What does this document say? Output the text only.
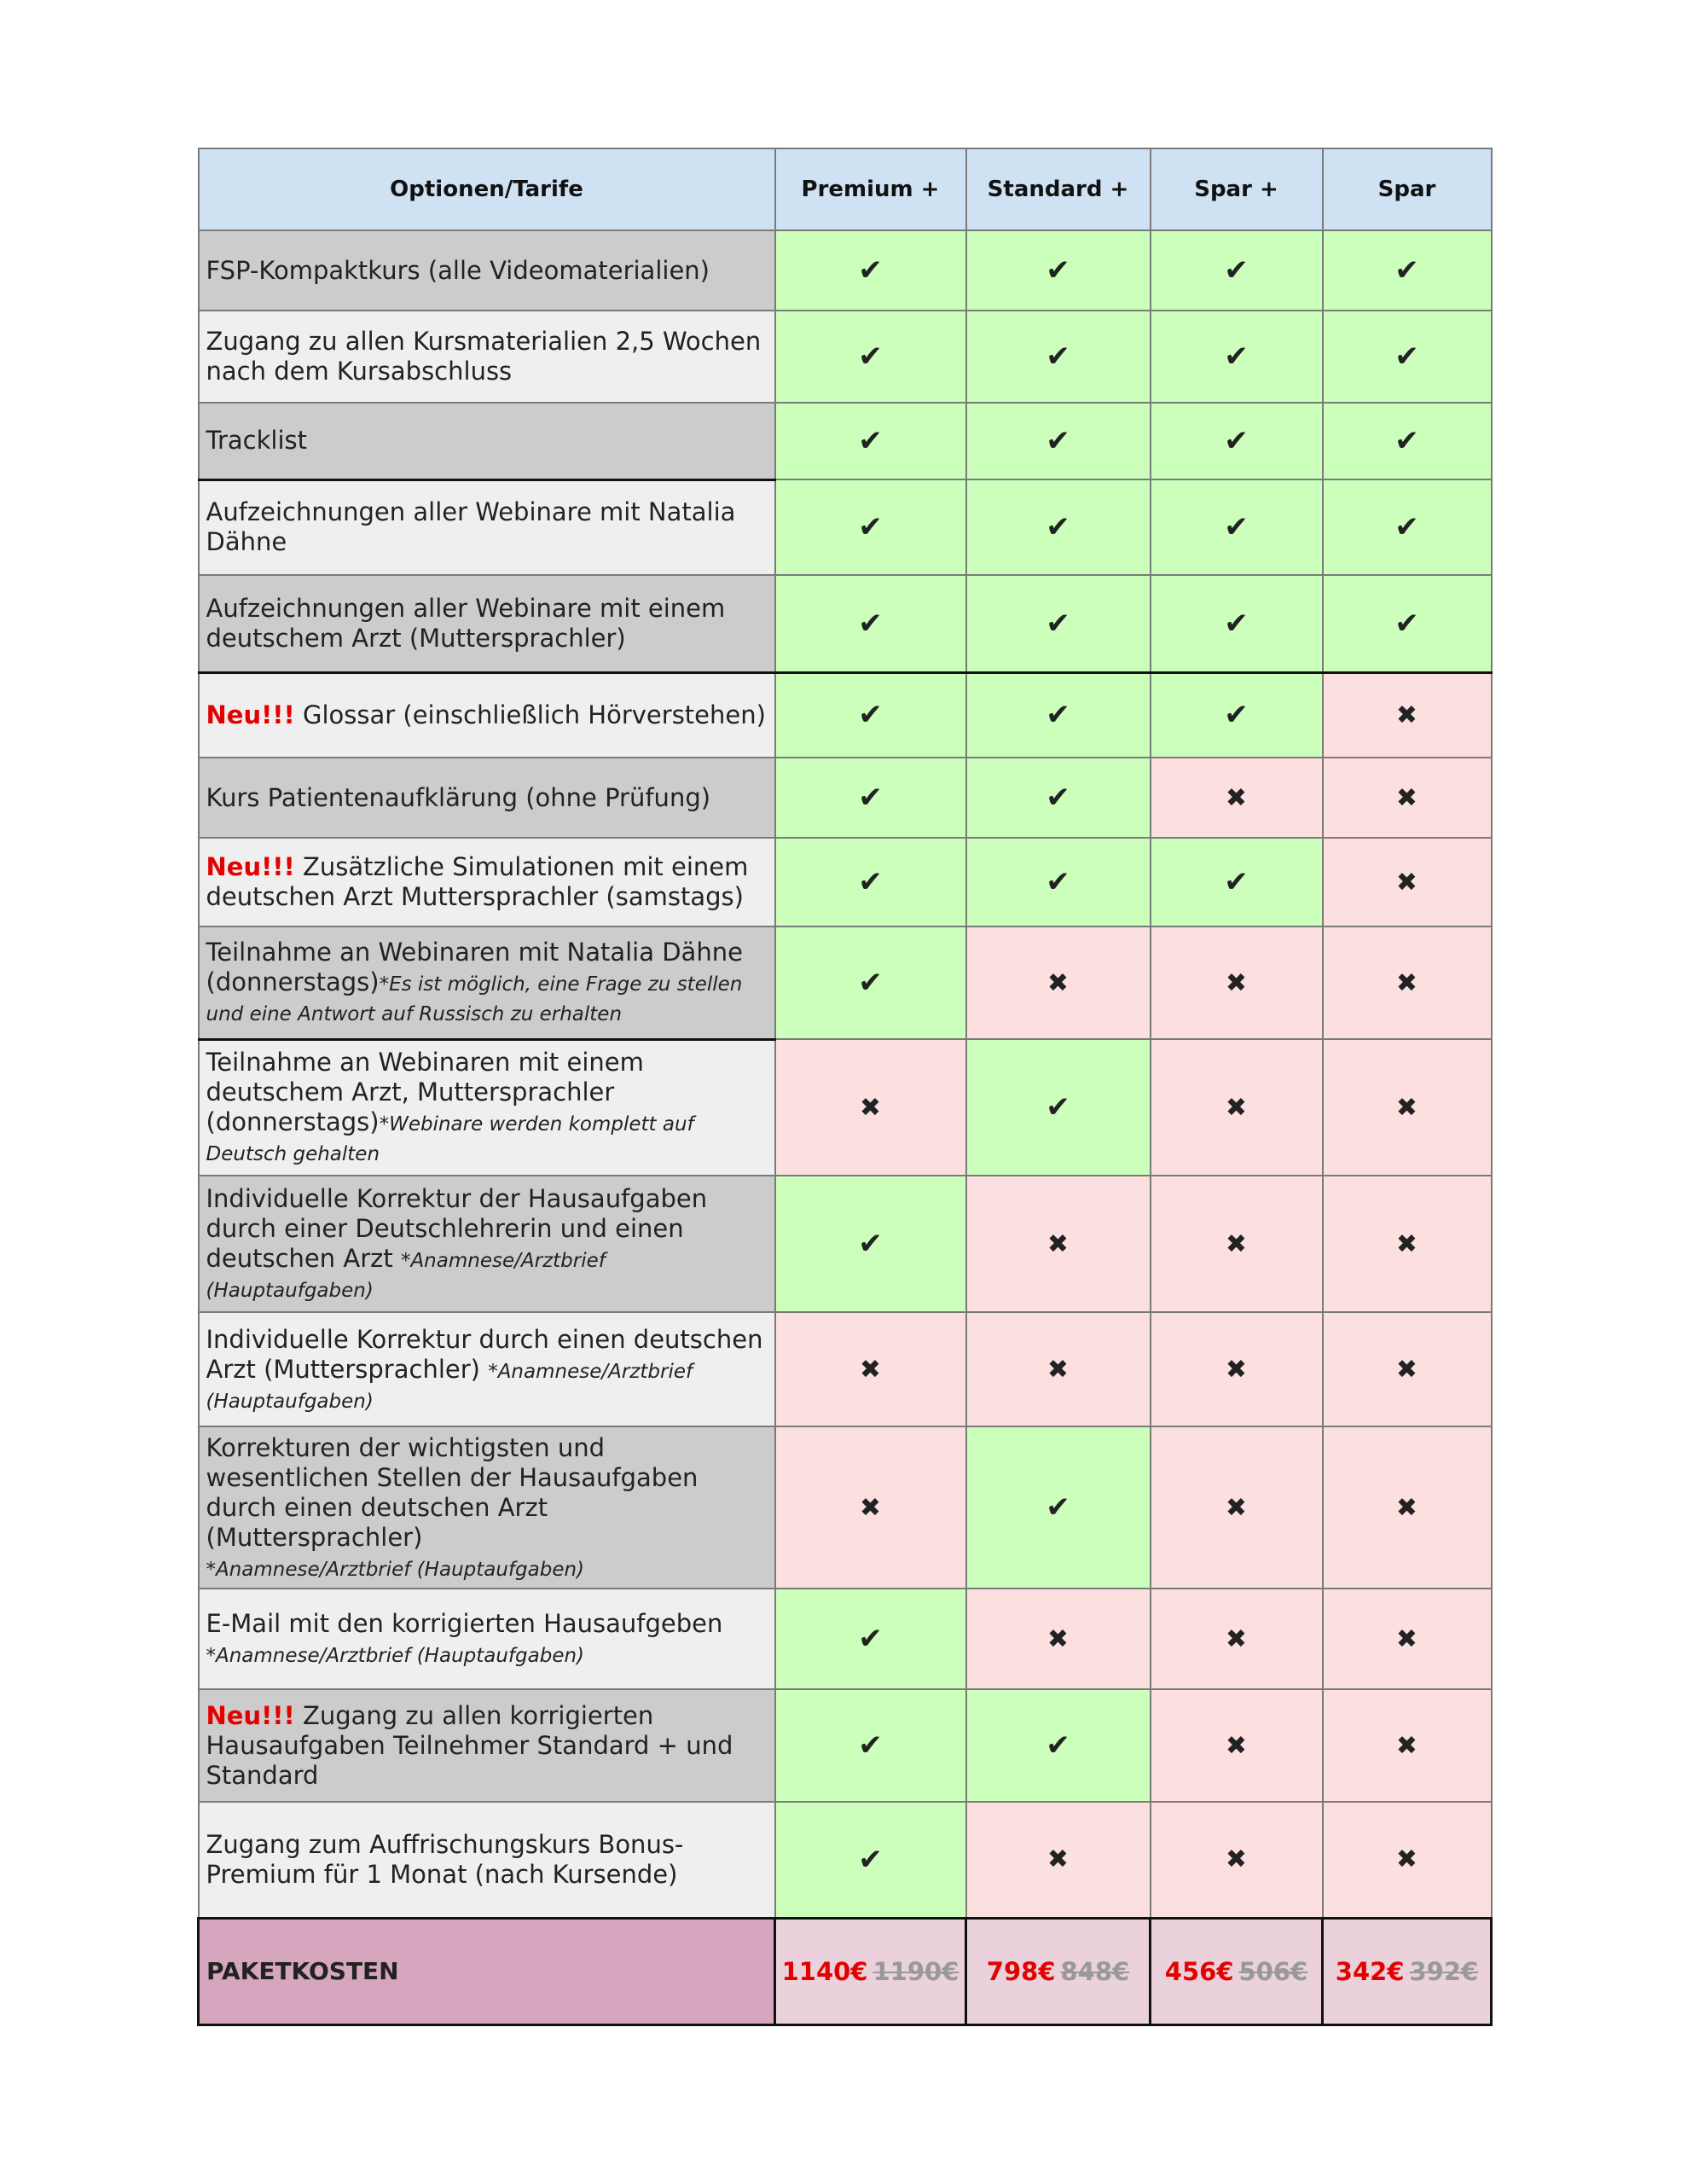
Optionen/Tarife	Premium +	Standard +	Spar +	Spar
FSP-Kompaktkurs (alle Videomaterialien)	✔	✔	✔	✔
Zugang zu allen Kursmaterialien 2,5 Wochen nach dem Kursabschluss	✔	✔	✔	✔
Tracklist	✔	✔	✔	✔
Aufzeichnungen aller Webinare mit Natalia Dähne	✔	✔	✔	✔
Aufzeichnungen aller Webinare mit einem deutschem Arzt (Muttersprachler)	✔	✔	✔	✔
Neu!!! Glossar (einschließlich Hörverstehen)	✔	✔	✔	✖
Kurs Patientenaufklärung (ohne Prüfung)	✔	✔	✖	✖
Neu!!! Zusätzliche Simulationen mit einem deutschen Arzt Muttersprachler (samstags)	✔	✔	✔	✖
Teilnahme an Webinaren mit Natalia Dähne (donnerstags)*Es ist möglich, eine Frage zu stellen und eine Antwort auf Russisch zu erhalten	✔	✖	✖	✖
Teilnahme an Webinaren mit einem deutschem Arzt, Muttersprachler (donnerstags)*Webinare werden komplett auf Deutsch gehalten	✖	✔	✖	✖
Individuelle Korrektur der Hausaufgaben durch einer Deutschlehrerin und einen deutschen Arzt *Anamnese/Arztbrief (Hauptaufgaben)	✔	✖	✖	✖
Individuelle Korrektur durch einen deutschen Arzt (Muttersprachler) *Anamnese/Arztbrief (Hauptaufgaben)	✖	✖	✖	✖
Korrekturen der wichtigsten und wesentlichen Stellen der Hausaufgaben durch einen deutschen Arzt (Muttersprachler)
*Anamnese/Arztbrief (Hauptaufgaben)	✖	✔	✖	✖
E-Mail mit den korrigierten Hausaufgeben
*Anamnese/Arztbrief (Hauptaufgaben)	✔	✖	✖	✖
Neu!!! Zugang zu allen korrigierten Hausaufgaben Teilnehmer Standard + und Standard	✔	✔	✖	✖
Zugang zum Auffrischungskurs Bonus-Premium für 1 Monat (nach Kursende)	✔	✖	✖	✖
PAKETKOSTEN	1140€ 1190€	798€ 848€	456€ 506€	342€ 392€
